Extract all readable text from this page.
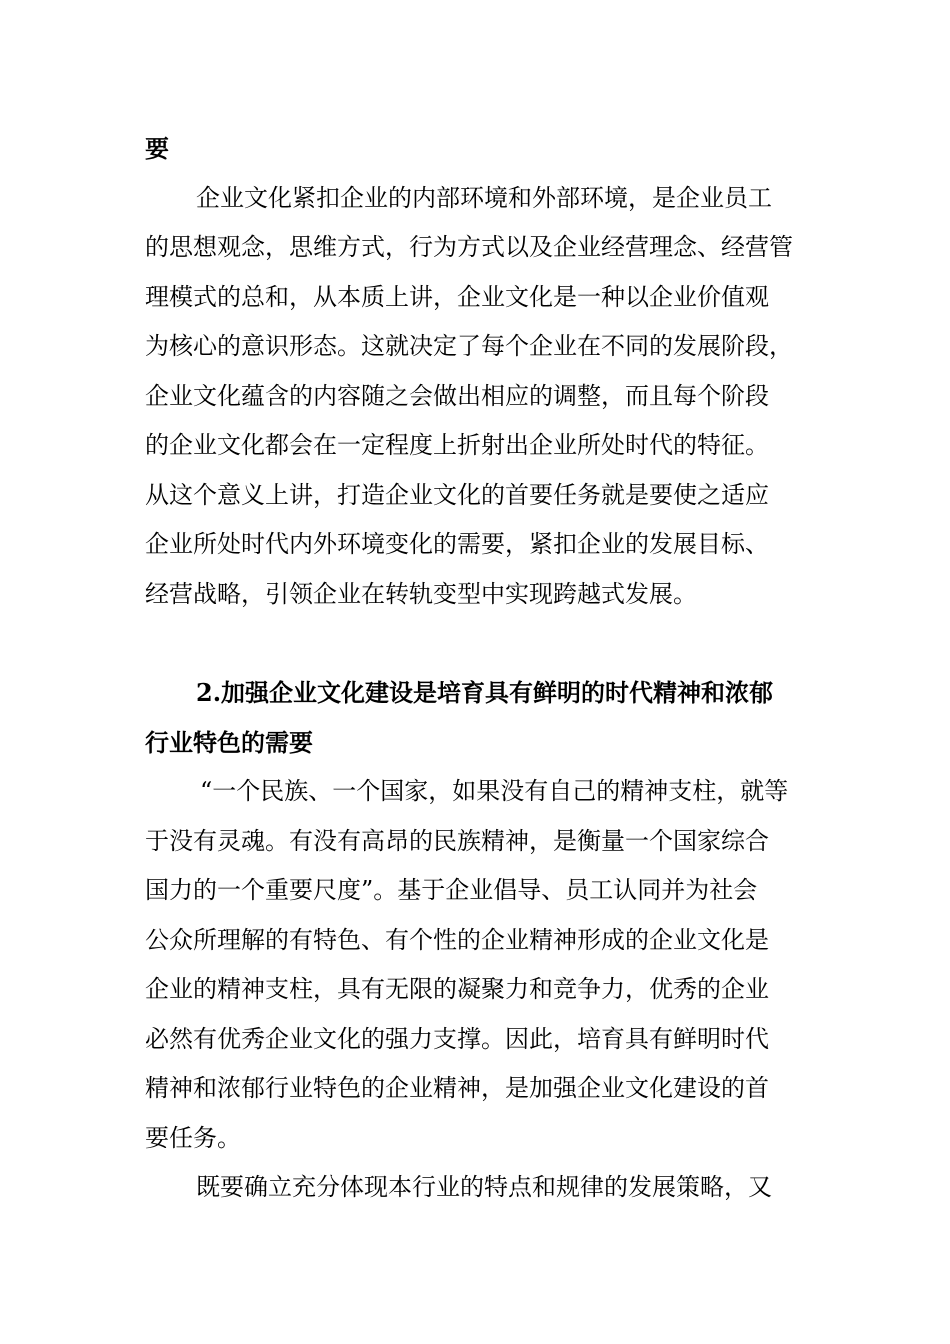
要
企业文化紧扣企业的内部环境和外部环境，是企业员工
的思想观念，思维方式，行为方式以及企业经营理念、经营管
理模式的总和，从本质上讲，企业文化是一种以企业价值观
为核心的意识形态。这就决定了每个企业在不同的发展阶段，
企业文化蕴含的内容随之会做出相应的调整，而且每个阶段
的企业文化都会在一定程度上折射出企业所处时代的特征。
从这个意义上讲，打造企业文化的首要任务就是要使之适应
企业所处时代内外环境变化的需要，紧扣企业的发展目标、
经营战略，引领企业在转轨变型中实现跨越式发展。
2.加强企业文化建设是培育具有鲜明的时代精神和浓郁
行业特色的需要
“一个民族、一个国家，如果没有自己的精神支柱，就等
于没有灵魂。有没有高昂的民族精神，是衡量一个国家综合
国力的一个重要尺度”。基于企业倡导、员工认同并为社会
公众所理解的有特色、有个性的企业精神形成的企业文化是
企业的精神支柱，具有无限的凝聚力和竞争力，优秀的企业
必然有优秀企业文化的强力支撑。因此，培育具有鲜明时代
精神和浓郁行业特色的企业精神，是加强企业文化建设的首
要任务。
既要确立充分体现本行业的特点和规律的发展策略，又
